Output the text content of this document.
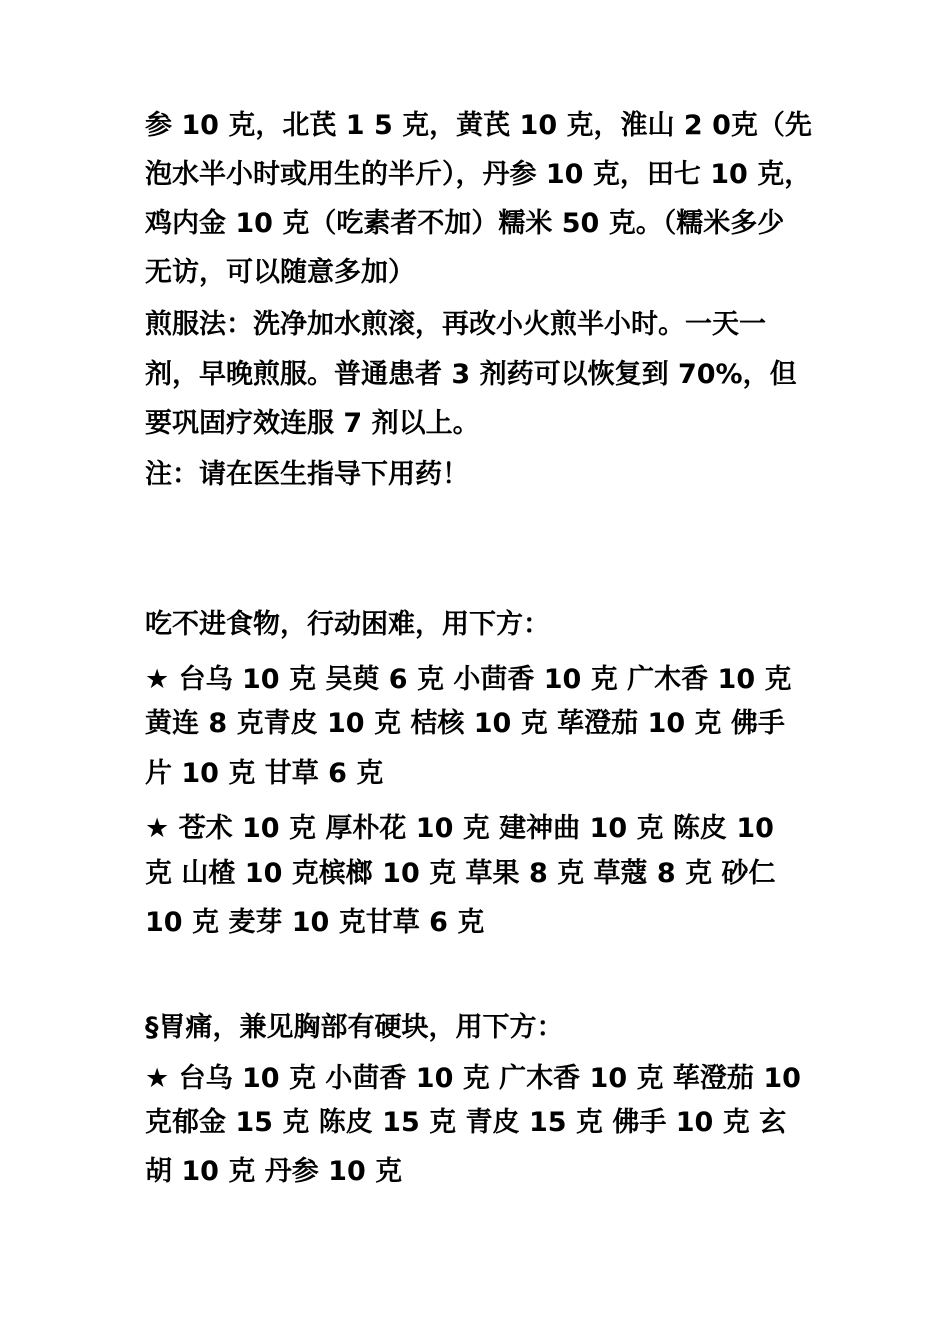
参 10 克，北芪 1 5 克，黄芪 10 克，淮山 2 0克（先
泡水半小时或用生的半斤），丹参 10 克，田七 10 克，
鸡内金 10 克（吃素者不加）糯米 50 克。（糯米多少
无访，可以随意多加）
煎服法：洗净加水煎滚，再改小火煎半小时。一天一
剂，早晚煎服。普通患者 3 剂药可以恢复到 70%，但
要巩固疗效连服 7 剂以上。
注：请在医生指导下用药！
吃不进食物，行动困难，用下方：
★ 台乌 10 克 吴萸 6 克 小茴香 10 克 广木香 10 克
黄连 8 克青皮 10 克 桔核 10 克 荜澄茄 10 克 佛手
片 10 克 甘草 6 克
★ 苍术 10 克 厚朴花 10 克 建神曲 10 克 陈皮 10
克 山楂 10 克槟榔 10 克 草果 8 克 草蔻 8 克 砂仁
10 克 麦芽 10 克甘草 6 克
§胃痛，兼见胸部有硬块，用下方：
★ 台乌 10 克 小茴香 10 克 广木香 10 克 荜澄茄 10
克郁金 15 克 陈皮 15 克 青皮 15 克 佛手 10 克 玄
胡 10 克 丹参 10 克
